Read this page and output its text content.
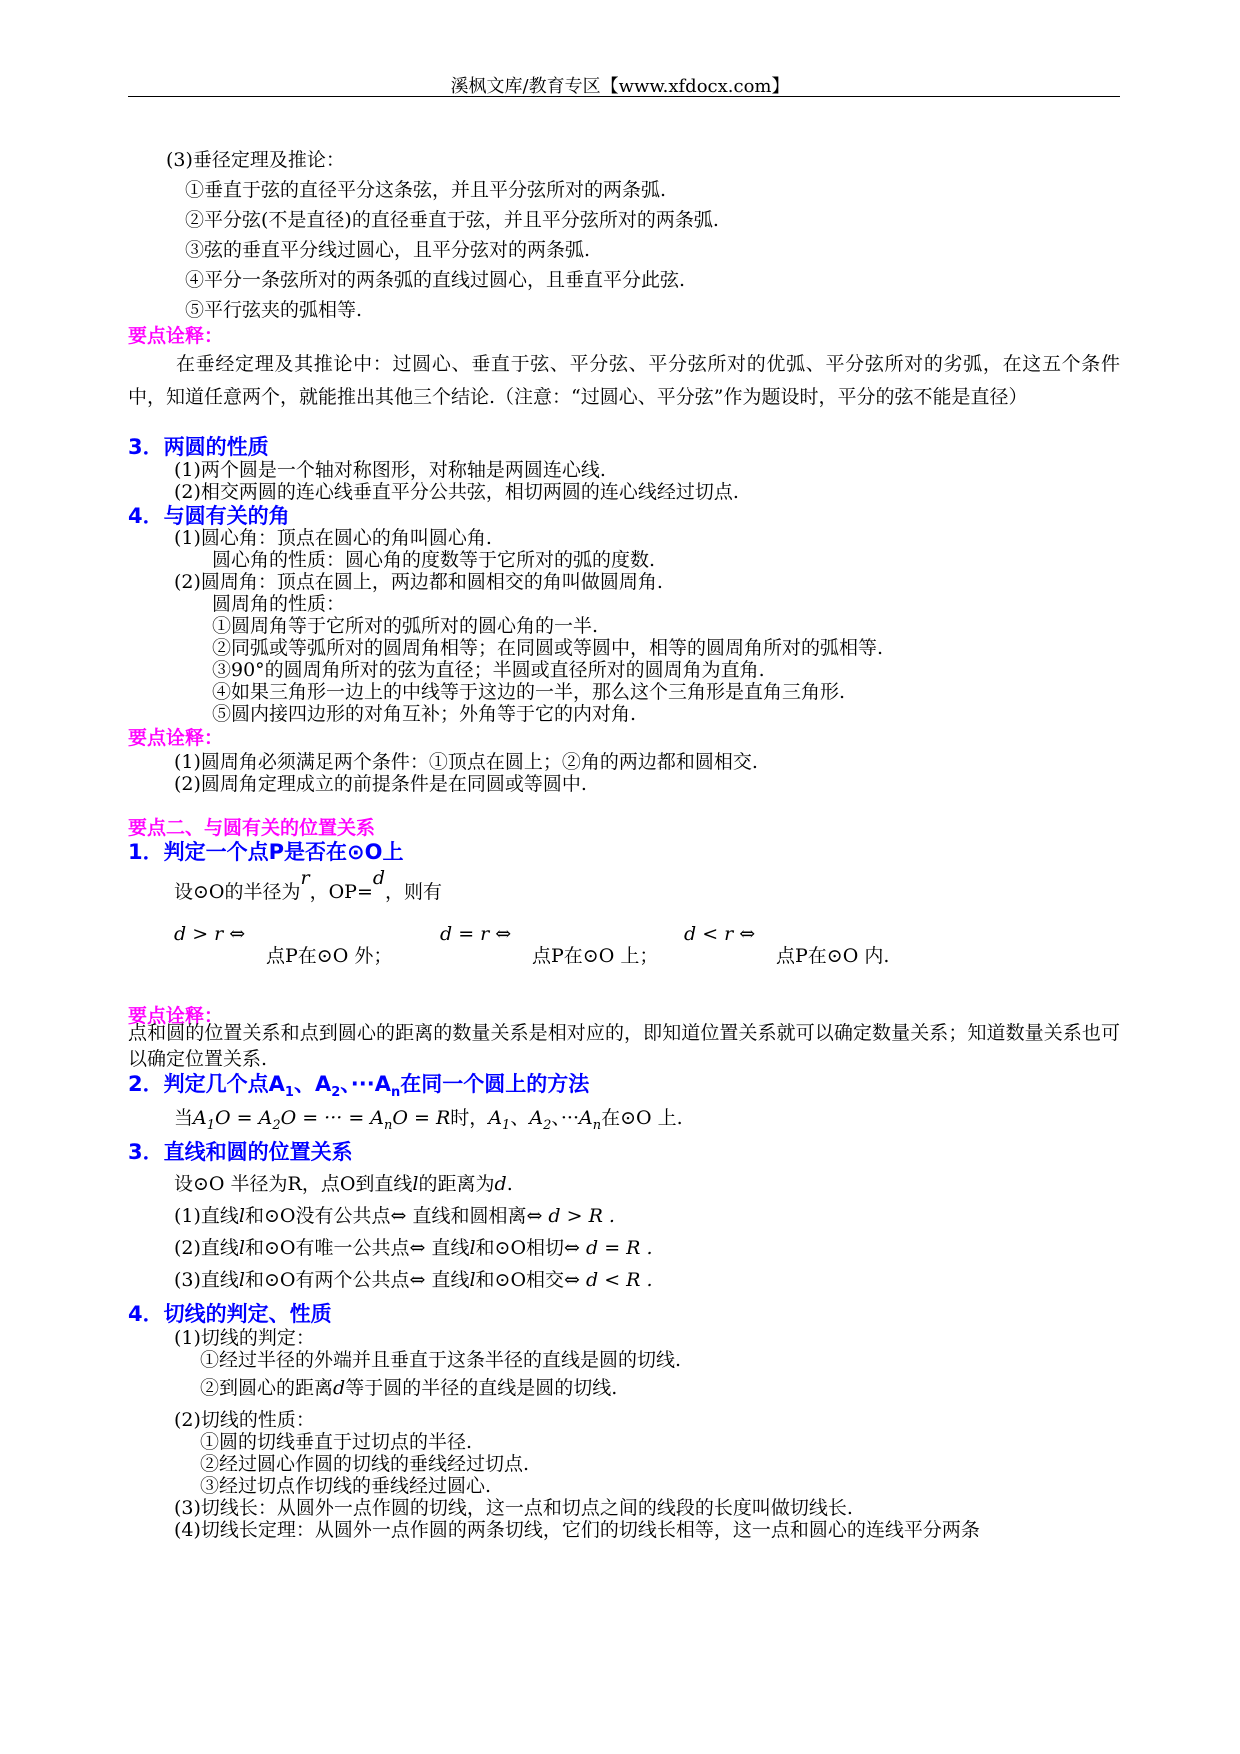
溪枫文库/教育专区【www.xfdocx.com】
(3)垂径定理及推论：
①垂直于弦的直径平分这条弦，并且平分弦所对的两条弧.
②平分弦(不是直径)的直径垂直于弦，并且平分弦所对的两条弧.
③弦的垂直平分线过圆心，且平分弦对的两条弧.
④平分一条弦所对的两条弧的直线过圆心，且垂直平分此弦.
⑤平行弦夹的弧相等.
要点诠释：
在垂经定理及其推论中：过圆心、垂直于弦、平分弦、平分弦所对的优弧、平分弦所对的劣弧，在这五个条件中，知道任意两个，就能推出其他三个结论.（注意：“过圆心、平分弦”作为题设时，平分的弦不能是直径）
3．两圆的性质
(1)两个圆是一个轴对称图形，对称轴是两圆连心线.
(2)相交两圆的连心线垂直平分公共弦，相切两圆的连心线经过切点.
4．与圆有关的角
(1)圆心角：顶点在圆心的角叫圆心角.
圆心角的性质：圆心角的度数等于它所对的弧的度数.
(2)圆周角：顶点在圆上，两边都和圆相交的角叫做圆周角.
圆周角的性质：
①圆周角等于它所对的弧所对的圆心角的一半.
②同弧或等弧所对的圆周角相等；在同圆或等圆中，相等的圆周角所对的弧相等.
③90°的圆周角所对的弦为直径；半圆或直径所对的圆周角为直角.
④如果三角形一边上的中线等于这边的一半，那么这个三角形是直角三角形.
⑤圆内接四边形的对角互补；外角等于它的内对角.
要点诠释：
(1)圆周角必须满足两个条件：①顶点在圆上；②角的两边都和圆相交.
(2)圆周角定理成立的前提条件是在同圆或等圆中.
要点二、与圆有关的位置关系
1．判定一个点P是否在⊙O上
设⊙O的半径为r，OP=d，则有
d > r ⇔
点P在⊙O 外；
d = r ⇔
点P在⊙O 上；
d < r ⇔
点P在⊙O 内.
要点诠释：
点和圆的位置关系和点到圆心的距离的数量关系是相对应的，即知道位置关系就可以确定数量关系；知道数量关系也可以确定位置关系.
2．判定几个点$A_1$、$A_2$、$\cdot\cdot\cdot A_n$在同一个圆上的方法
当$A_1O = A_2O$ = ··· = $A_nO = R$时，$A_1$、$A_2$、$\cdot\cdot\cdot A_n$在⊙O 上.
3．直线和圆的位置关系
设⊙O 半径为R，点O到直线l的距离为d.
(1)直线l和⊙O没有公共点⇔ 直线和圆相离⇔ d > R .
(2)直线l和⊙O有唯一公共点⇔ 直线l和⊙O相切⇔ d = R .
(3)直线l和⊙O有两个公共点⇔ 直线l和⊙O相交⇔ d < R .
4．切线的判定、性质
(1)切线的判定：
①经过半径的外端并且垂直于这条半径的直线是圆的切线.
②到圆心的距离d等于圆的半径的直线是圆的切线.
(2)切线的性质：
①圆的切线垂直于过切点的半径.
②经过圆心作圆的切线的垂线经过切点.
③经过切点作切线的垂线经过圆心.
(3)切线长：从圆外一点作圆的切线，这一点和切点之间的线段的长度叫做切线长.
(4)切线长定理：从圆外一点作圆的两条切线，它们的切线长相等，这一点和圆心的连线平分两条
